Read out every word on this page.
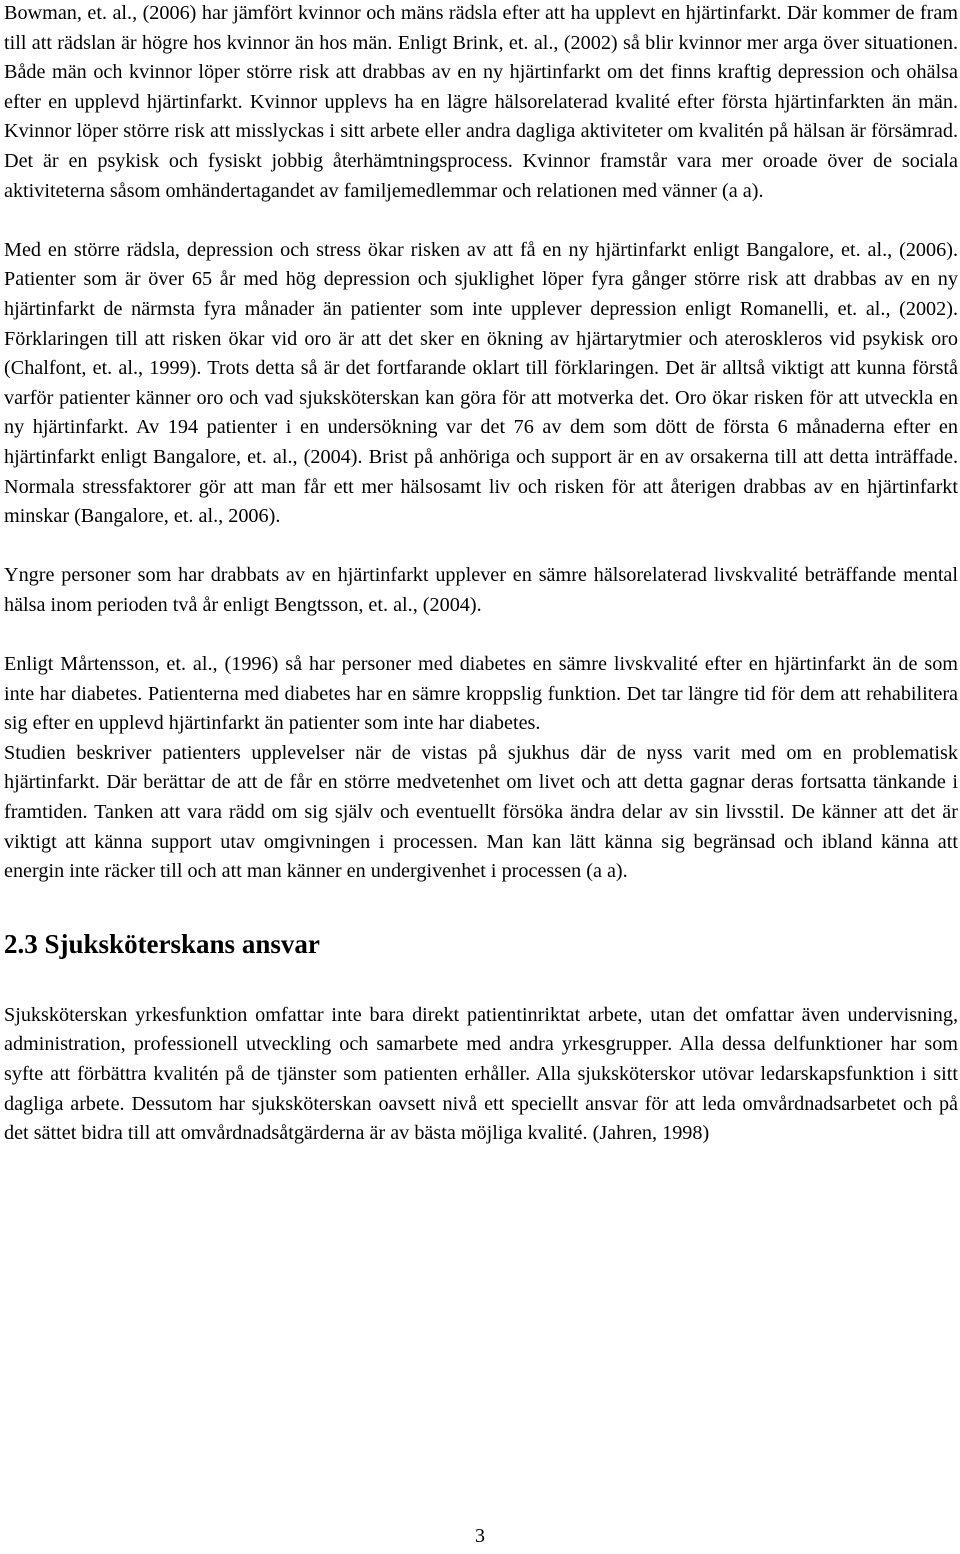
Bowman, et. al., (2006) har jämfört kvinnor och mäns rädsla efter att ha upplevt en hjärtinfarkt. Där kommer de fram till att rädslan är högre hos kvinnor än hos män. Enligt Brink, et. al., (2002) så blir kvinnor mer arga över situationen. Både män och kvinnor löper större risk att drabbas av en ny hjärtinfarkt om det finns kraftig depression och ohälsa efter en upplevd hjärtinfarkt. Kvinnor upplevs ha en lägre hälsorelaterad kvalité efter första hjärtinfarkten än män. Kvinnor löper större risk att misslyckas i sitt arbete eller andra dagliga aktiviteter om kvalitén på hälsan är försämrad. Det är en psykisk och fysiskt jobbig återhämtningsprocess. Kvinnor framstår vara mer oroade över de sociala aktiviteterna såsom omhändertagandet av familjemedlemmar och relationen med vänner (a a).

Med en större rädsla, depression och stress ökar risken av att få en ny hjärtinfarkt enligt Bangalore, et. al., (2006). Patienter som är över 65 år med hög depression och sjuklighet löper fyra gånger större risk att drabbas av en ny hjärtinfarkt de närmsta fyra månader än patienter som inte upplever depression enligt Romanelli, et. al., (2002). Förklaringen till att risken ökar vid oro är att det sker en ökning av hjärtarytmier och ateroskleros vid psykisk oro (Chalfont, et. al., 1999). Trots detta så är det fortfarande oklart till förklaringen. Det är alltså viktigt att kunna förstå varför patienter känner oro och vad sjuksköterskan kan göra för att motverka det. Oro ökar risken för att utveckla en ny hjärtinfarkt. Av 194 patienter i en undersökning var det 76 av dem som dött de första 6 månaderna efter en hjärtinfarkt enligt Bangalore, et. al., (2004). Brist på anhöriga och support är en av orsakerna till att detta inträffade. Normala stressfaktorer gör att man får ett mer hälsosamt liv och risken för att återigen drabbas av en hjärtinfarkt minskar (Bangalore, et. al., 2006).

Yngre personer som har drabbats av en hjärtinfarkt upplever en sämre hälsorelaterad livskvalité beträffande mental hälsa inom perioden två år enligt Bengtsson, et. al., (2004).

Enligt Mårtensson, et. al., (1996) så har personer med diabetes en sämre livskvalité efter en hjärtinfarkt än de som inte har diabetes. Patienterna med diabetes har en sämre kroppslig funktion. Det tar längre tid för dem att rehabilitera sig efter en upplevd hjärtinfarkt än patienter som inte har diabetes.

Studien beskriver patienters upplevelser när de vistas på sjukhus där de nyss varit med om en problematisk hjärtinfarkt. Där berättar de att de får en större medvetenhet om livet och att detta gagnar deras fortsatta tänkande i framtiden. Tanken att vara rädd om sig själv och eventuellt försöka ändra delar av sin livsstil. De känner att det är viktigt att känna support utav omgivningen i processen. Man kan lätt känna sig begränsad och ibland känna att energin inte räcker till och att man känner en undergivenhet i processen (a a).

2.3 Sjuksköterskans ansvar

Sjuksköterskan yrkesfunktion omfattar inte bara direkt patientinriktat arbete, utan det omfattar även undervisning, administration, professionell utveckling och samarbete med andra yrkesgrupper. Alla dessa delfunktioner har som syfte att förbättra kvalitén på de tjänster som patienten erhåller. Alla sjuksköterskor utövar ledarskapsfunktion i sitt dagliga arbete. Dessutom har sjuksköterskan oavsett nivå ett speciellt ansvar för att leda omvårdnadsarbetet och på det sättet bidra till att omvårdnadsåtgärderna är av bästa möjliga kvalité. (Jahren, 1998)

3
